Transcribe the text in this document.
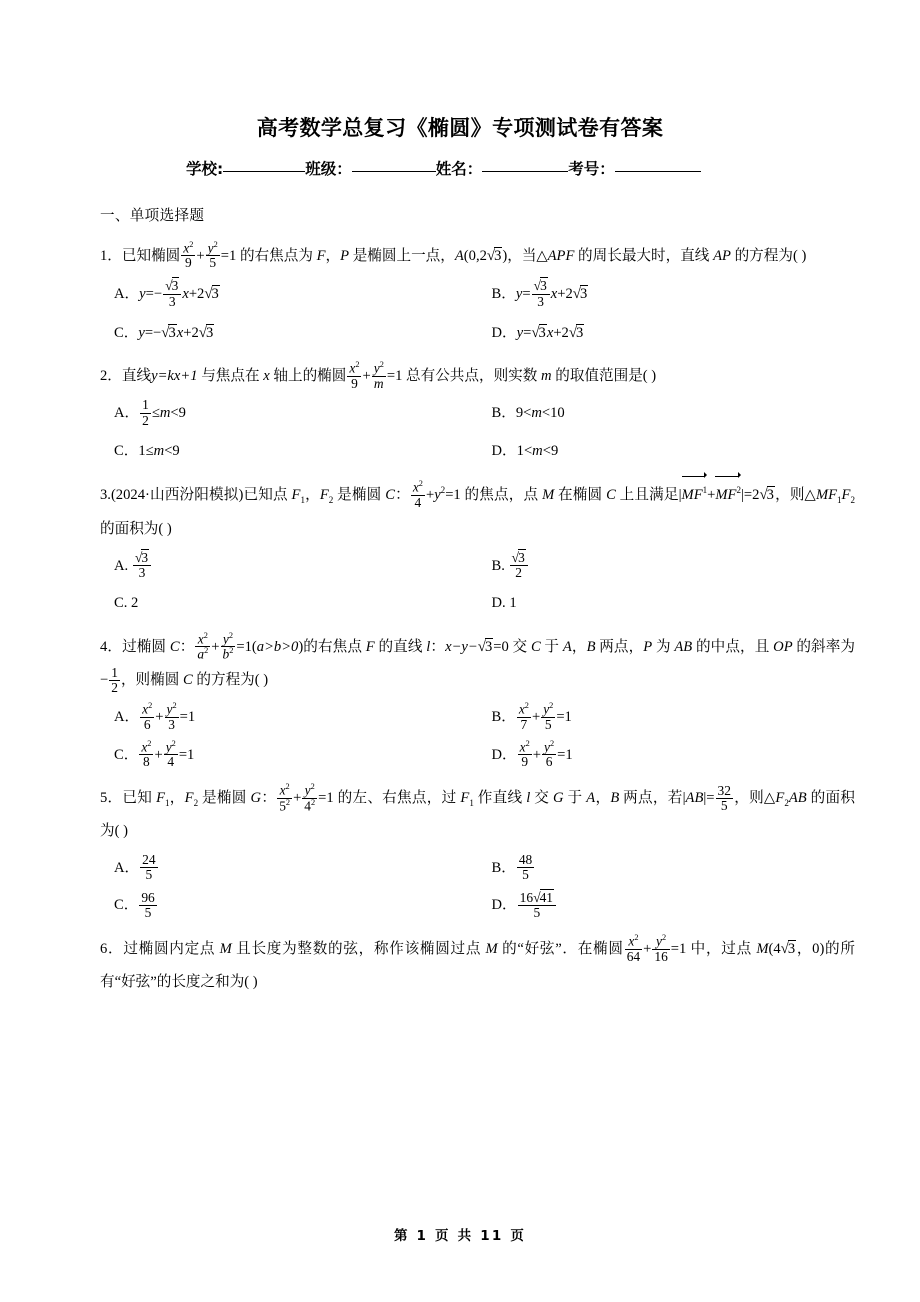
高考数学总复习《椭圆》专项测试卷有答案
学校:	班级：	姓名：	考号：
一、单项选择题
1．已知椭圆 $\frac{x^2}{9} + \frac{y^2}{5} =1$ 的右焦点为 F，P 是椭圆上一点，A(0,2√3)，当△APF 的周长最大时，直线 AP 的方程为( )
A．$y=- \frac{√3}{3} x+2√3$	B．$y= \frac{√3}{3} x+2√3$
C．y=−√3x+2√3	D．y=√3x+2√3
2．直线y=kx+1 与焦点在 x 轴上的椭圆 $\frac{x^2}{9} + \frac{y^2}{m} =1$ 总有公共点，则实数 m 的取值范围是( )
A． $\frac{1}{2} \le m<9$	B．9<m<10
C．1≤m<9	D．1<m<9
3.(2024·山西汾阳模拟)已知点 $F_1$，$F_2$ 是椭圆 C： $\frac{x^2}{4} +y^2=1$ 的焦点，点 M 在椭圆 C 上且满足$|MF^1+MF^2|=2√3$，则$\triangle MF_1F_2$ 的面积为( )
A. $\frac{√3}{3}$	B. $\frac{√3}{2}$
C. 2	D. 1
4．过椭圆 C： $\frac{x^2}{a^2} + \frac{y^2}{b^2} =1(a>b>0)$的右焦点 F 的直线 l：x−y−√3=0 交 C 于 A，B 两点，P 为 AB 的中点，且 OP 的斜率为− $\frac{1}{2}$ ，则椭圆 C 的方程为( )
A． $\frac{x^2}{6} + \frac{y^2}{3} =1$	B． $\frac{x^2}{7} + \frac{y^2}{5} =1$
C． $\frac{x^2}{8} + \frac{y^2}{4} =1$	D． $\frac{x^2}{9} + \frac{y^2}{6} =1$
5．已知 $F_1$，$F_2$ 是椭圆 G： $\frac{x^2}{5^2} + \frac{y^2}{4^2} =1$ 的左、右焦点，过 $F_1$ 作直线 l 交 G 于 A，B 两点，若$|AB|= \frac{32}{5}$ ，则$\triangle F_2AB$ 的面积为( )
A． $\frac{24}{5}$	B． $\frac{48}{5}$
C． $\frac{96}{5}$	D． $\frac{16√41}{5}$
6．过椭圆内定点 M 且长度为整数的弦，称作该椭圆过点 M 的“好弦”．在椭圆 $\frac{x^2}{64} + \frac{y^2}{16} =1$ 中，过点 M(4√3，0)的所有“好弦”的长度之和为( )
第 1 页 共 11 页
